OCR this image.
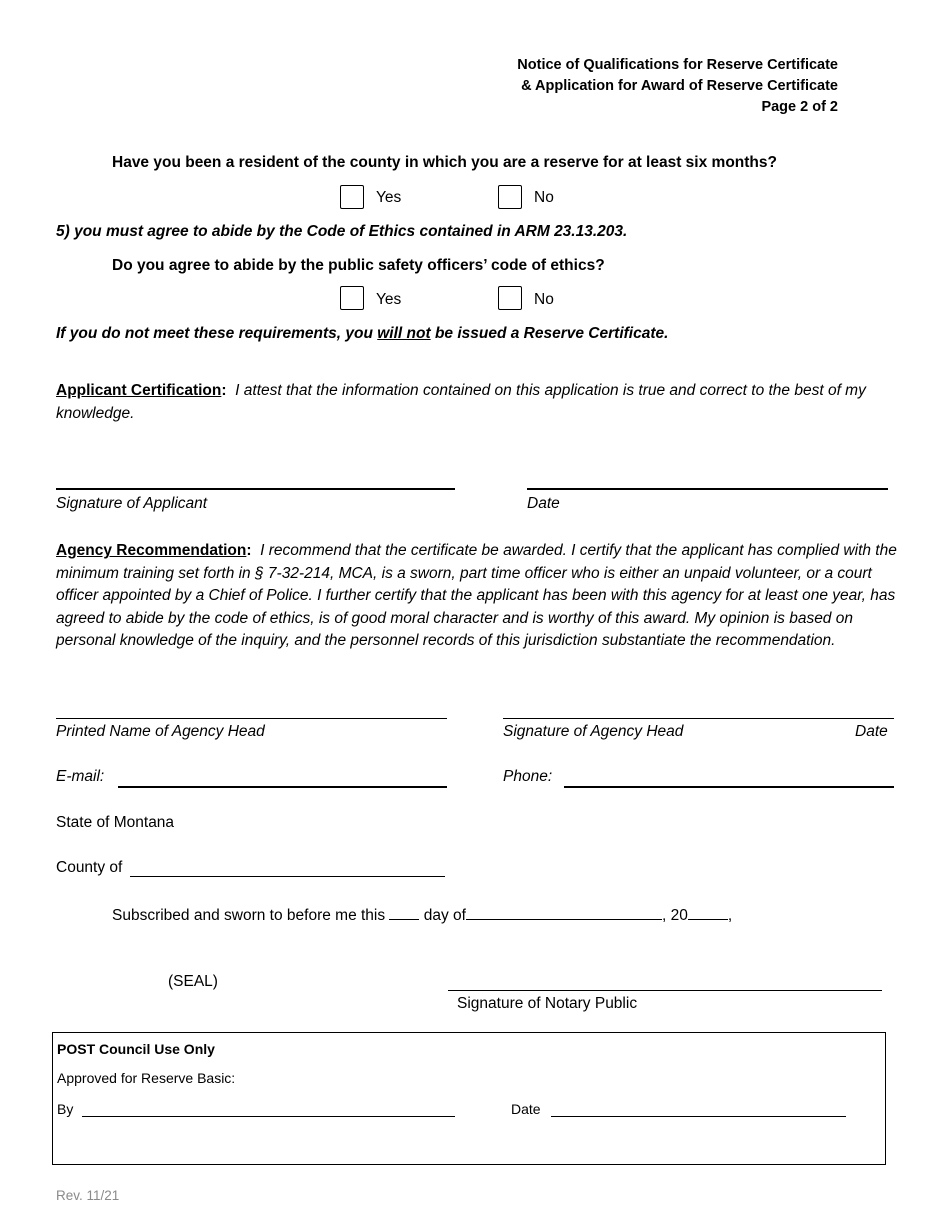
Notice of Qualifications for Reserve Certificate
& Application for Award of Reserve Certificate
Page 2 of 2
Have you been a resident of the county in which you are a reserve for at least six months?
Yes	No
5) you must agree to abide by the Code of Ethics contained in ARM 23.13.203.
Do you agree to abide by the public safety officers’ code of ethics?
Yes	No
If you do not meet these requirements, you will not be issued a Reserve Certificate.
Applicant Certification: I attest that the information contained on this application is true and correct to the best of my knowledge.
Signature of Applicant	Date
Agency Recommendation: I recommend that the certificate be awarded. I certify that the applicant has complied with the minimum training set forth in § 7-32-214, MCA, is a sworn, part time officer who is either an unpaid volunteer, or a court officer appointed by a Chief of Police. I further certify that the applicant has been with this agency for at least one year, has agreed to abide by the code of ethics, is of good moral character and is worthy of this award. My opinion is based on personal knowledge of the inquiry, and the personnel records of this jurisdiction substantiate the recommendation.
Printed Name of Agency Head	Signature of Agency Head	Date
E-mail:	Phone:
State of Montana
County of
Subscribed and sworn to before me this day of	, 20	,
(SEAL)
Signature of Notary Public
POST Council Use Only
Approved for Reserve Basic:
By	Date
Rev. 11/21
